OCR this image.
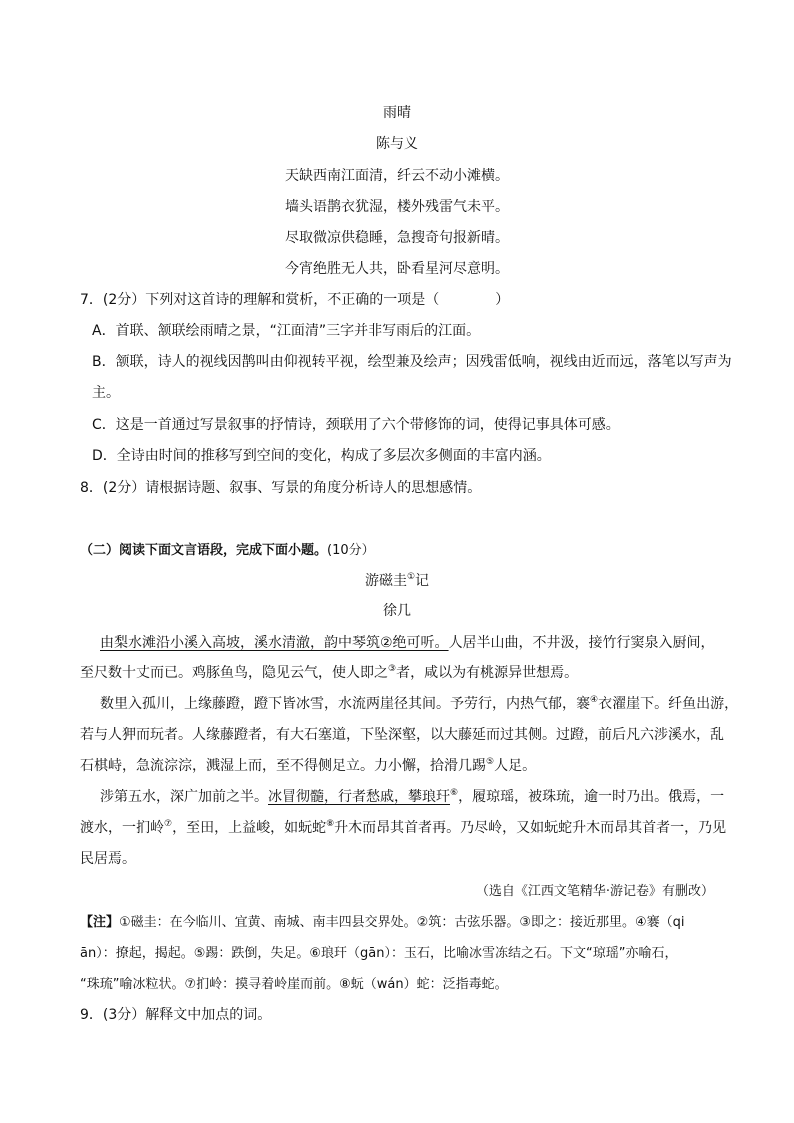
雨晴
陈与义
天缺西南江面清，纤云不动小滩横。
墙头语鹊衣犹湿，楼外残雷气未平。
尽取微凉供稳睡，急搜奇句报新晴。
今宵绝胜无人共，卧看星河尽意明。
7．(2分）下列对这首诗的理解和赏析，不正确的一项是（　　　　）
A．首联、颔联绘雨晴之景，“江面清”三字并非写雨后的江面。
B．颔联，诗人的视线因鹊叫由仰视转平视，绘型兼及绘声；因残雷低响，视线由近而远，落笔以写声为
主。
C．这是一首通过写景叙事的抒情诗，颈联用了六个带修饰的词，使得记事具体可感。
D．全诗由时间的推移写到空间的变化，构成了多层次多侧面的丰富内涵。
8．(2分）请根据诗题、叙事、写景的角度分析诗人的思想感情。
（二）阅读下面文言语段，完成下面小题。(10分）
游磁圭①记
徐几
由梨水滩沿小溪入高坡，溪水清澈，韵中琴筑②绝可听。人居半山曲，不井汲，接竹行窦泉入厨间，
至尺数十丈而已。鸡豚鱼鸟，隐见云气，使人即之③者，咸以为有桃源异世想焉。
数里入孤川，上缘藤蹬，蹬下皆冰雪，水流两崖径其间。予劳行，内热气郁，褰④衣濯崖下。纤鱼出游，
若与人狎而玩者。人缘藤蹬者，有大石塞道，下坠深壑，以大藤延而过其侧。过蹬，前后凡六涉溪水，乱
石棋峙，急流淙淙，溅湿上而，至不得侧足立。力小懈，拾滑几踢⑤人足。
涉第五水，深广加前之半。冰冒彻髓，行者愁戚，攀琅玕⑥，履琼瑶，被珠琉，逾一时乃出。俄焉，一
渡水，一扪岭⑦，至田，上益峻，如蚖蛇⑧升木而昂其首者再。乃尽岭，又如蚖蛇升木而昂其首者一，乃见
民居焉。
（选自《江西文笔精华·游记卷》有删改）
【注】①磁圭：在今临川、宜黄、南城、南丰四县交界处。②筑：古弦乐器。③即之：接近那里。④褰（qi
ān）：撩起，揭起。⑤踢：跌倒，失足。⑥琅玕（gān）：玉石，比喻冰雪冻结之石。下文“琼瑶”亦喻石，
“珠琉”喻冰粒状。⑦扪岭：摸寻着岭崖而前。⑧蚖（wán）蛇：泛指毒蛇。
9．(3分）解释文中加点的词。
